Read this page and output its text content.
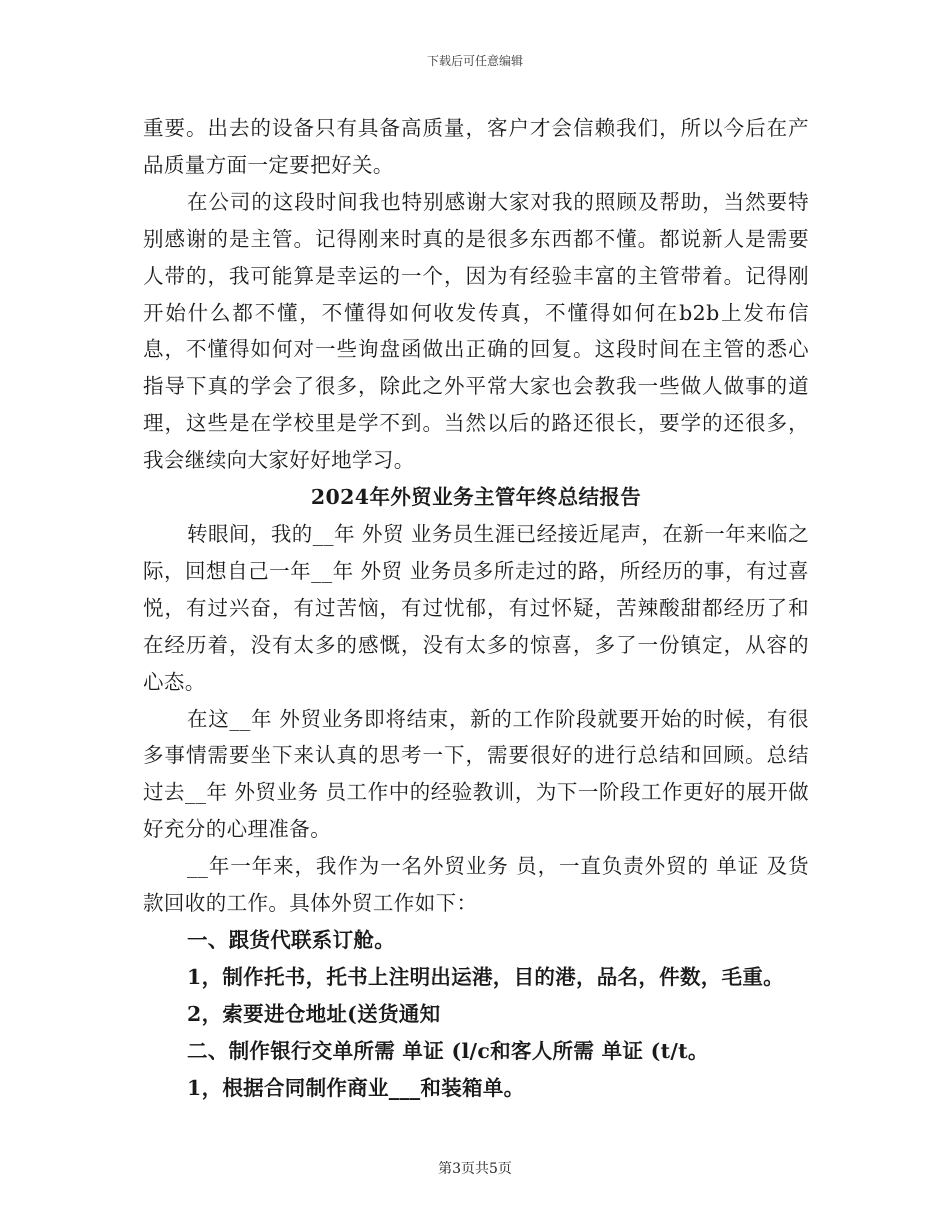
下载后可任意编辑

重要。出去的设备只有具备高质量，客户才会信赖我们，所以今后在产品质量方面一定要把好关。

在公司的这段时间我也特别感谢大家对我的照顾及帮助，当然要特别感谢的是主管。记得刚来时真的是很多东西都不懂。都说新人是需要人带的，我可能算是幸运的一个，因为有经验丰富的主管带着。记得刚开始什么都不懂，不懂得如何收发传真，不懂得如何在b2b上发布信息，不懂得如何对一些询盘函做出正确的回复。这段时间在主管的悉心指导下真的学会了很多，除此之外平常大家也会教我一些做人做事的道理，这些是在学校里是学不到。当然以后的路还很长，要学的还很多，我会继续向大家好好地学习。

2024年外贸业务主管年终总结报告

转眼间，我的__年 外贸 业务员生涯已经接近尾声，在新一年来临之际，回想自己一年__年 外贸 业务员多所走过的路，所经历的事，有过喜悦，有过兴奋，有过苦恼，有过忧郁，有过怀疑，苦辣酸甜都经历了和在经历着，没有太多的感慨，没有太多的惊喜，多了一份镇定，从容的心态。

在这__年 外贸业务即将结束，新的工作阶段就要开始的时候，有很多事情需要坐下来认真的思考一下，需要很好的进行总结和回顾。总结过去__年 外贸业务 员工作中的经验教训，为下一阶段工作更好的展开做好充分的心理准备。

__年一年来，我作为一名外贸业务 员，一直负责外贸的 单证 及货款回收的工作。具体外贸工作如下：

一、跟货代联系订舱。

1，制作托书，托书上注明出运港，目的港，品名，件数，毛重。

2，索要进仓地址(送货通知

二、制作银行交单所需 单证 (l/c和客人所需 单证 (t/t。

1，根据合同制作商业___和装箱单。

第3页共5页
